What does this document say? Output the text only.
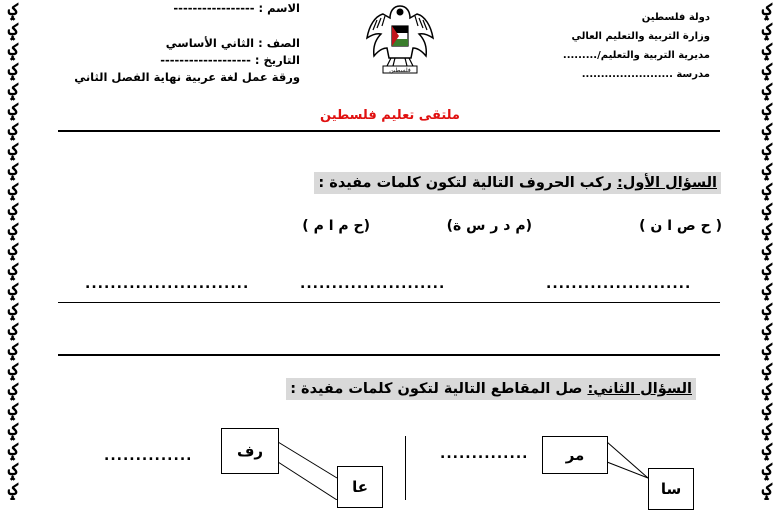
ݤ
ݤ
ݤ
ݤ
ݤ
ݤ
ݤ
ݤ
ݤ
ݤ
ݤ
ݤ
ݤ
ݤ
ݤ
ݤ
ݤ
ݤ
ݤ
ݤ
ݤ
ݤ
ݤ
ݤ
ݤ
ݤ
ݤ
ݤ
ݤ
ݤ
ݤ
ݤ
ݤ
ݤ
ݤ
ݤ
ݤ
ݤ
ݤ
ݤ
ݤ
ݤ
ݤ
ݤ
ݤ
ݤ
ݤ
ݤ
ݤ
ݤ
دولة فلسطين
وزارة التربية والتعليم العالي
مديرية التربية والتعليم/.........
مدرسة ........................
فلسطين
الاسم : -----------------
الصف : الثاني الأساسي
التاريخ : -------------------
ورقة عمل لغة عربية نهاية الفصل الثاني
ملتقى تعليم فلسطين
السؤال الأول: ركب الحروف التالية لتكون كلمات مفيدة :
( ح ص ا ن )
(م د ر س ة)
(ح م ا م )
.......................
.......................
..........................
السؤال الثاني: صل المقاطع التالية لتكون كلمات مفيدة :
مر
سا
..............
رف
عا
..............
